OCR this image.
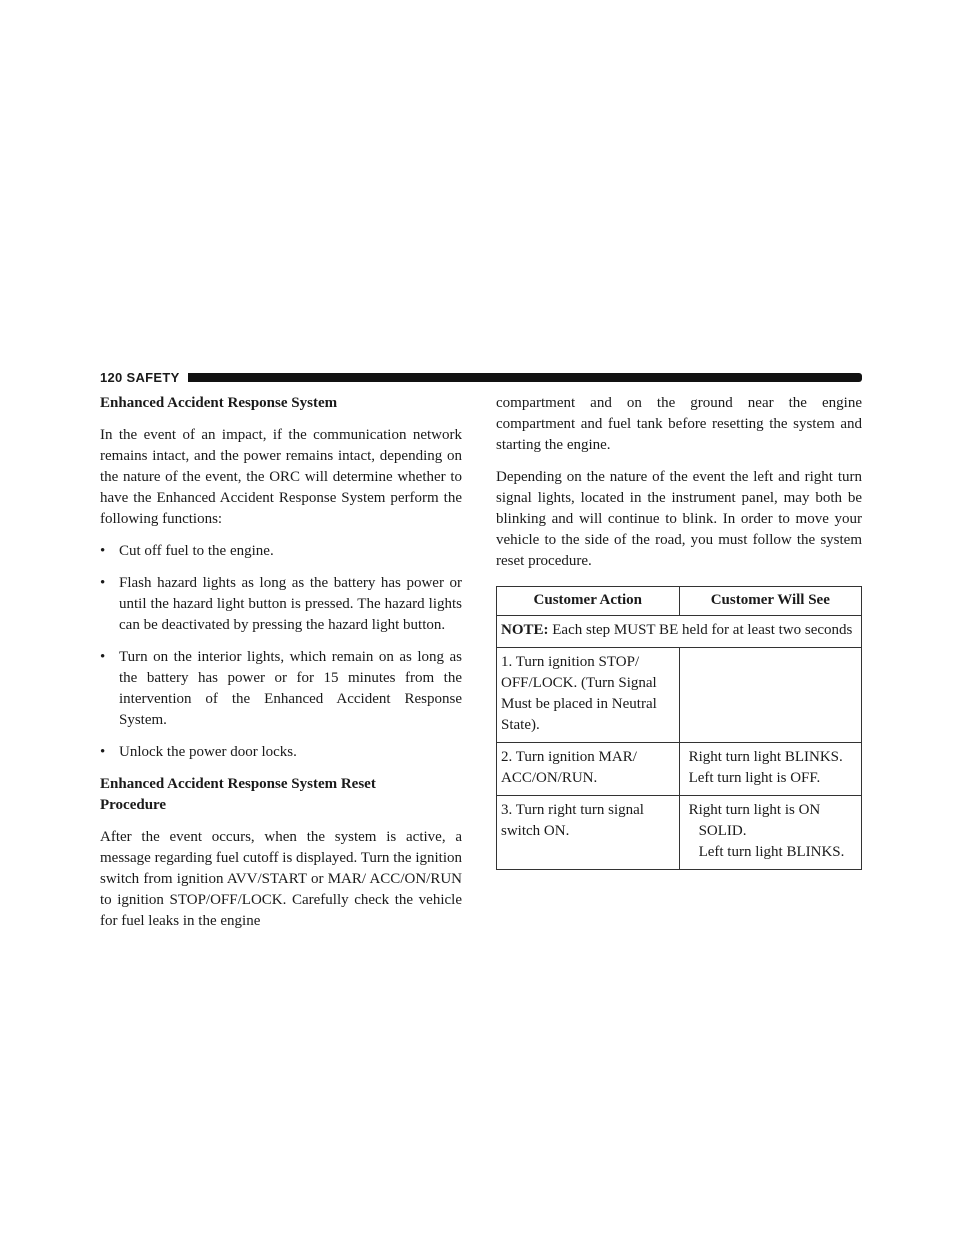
120 SAFETY
Enhanced Accident Response System

In the event of an impact, if the communication network remains intact, and the power remains intact, depending on the nature of the event, the ORC will determine whether to have the Enhanced Accident Response System perform the following functions:

• Cut off fuel to the engine.
• Flash hazard lights as long as the battery has power or until the hazard light button is pressed. The hazard lights can be deactivated by pressing the hazard light button.
• Turn on the interior lights, which remain on as long as the battery has power or for 15 minutes from the intervention of the Enhanced Accident Response System.
• Unlock the power door locks.
Enhanced Accident Response System Reset
Procedure

After the event occurs, when the system is active, a message regarding fuel cutoff is displayed. Turn the ignition switch from ignition AVV/START or MAR/ ACC/ON/RUN to ignition STOP/OFF/LOCK. Carefully check the vehicle for fuel leaks in the engine

compartment and on the ground near the engine compartment and fuel tank before resetting the system and starting the engine.

Depending on the nature of the event the left and right turn signal lights, located in the instrument panel, may both be blinking and will continue to blink. In order to move your vehicle to the side of the road, you must follow the system reset procedure.

Customer Action	Customer Will See
NOTE: Each step MUST BE held for at least two seconds	
1. Turn ignition STOP/ OFF/LOCK. (Turn Signal Must be placed in Neutral State).	

2. Turn ignition MAR/ ACC/ON/RUN.	Right turn light BLINKS.
Left turn light is OFF.

3. Turn right turn signal switch ON.	Right turn light is ON
SOLID.
Left turn light BLINKS.
